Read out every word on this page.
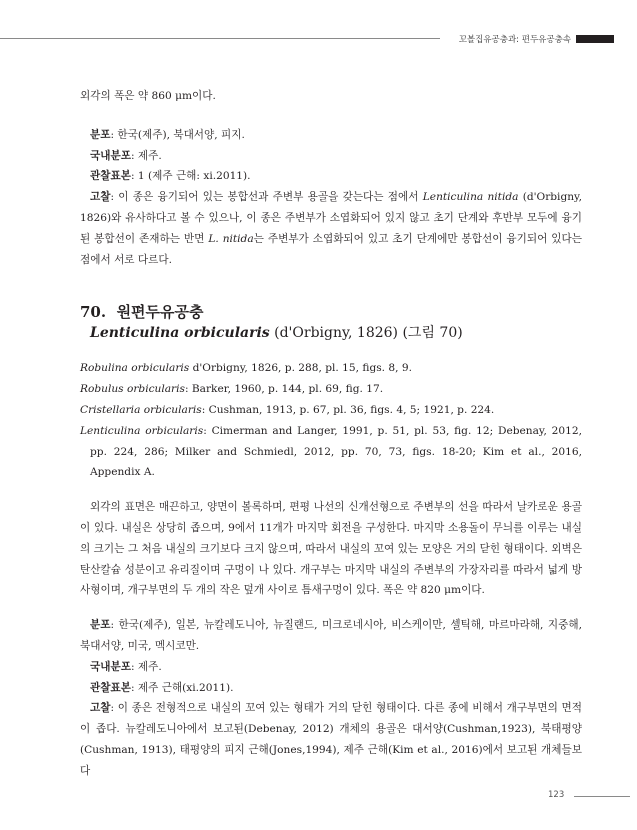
꼬볼집유공충과: 편두유공충속

외각의 폭은 약 860 μm이다.

분포: 한국(제주), 북대서양, 피지.

국내분포: 제주.

관찰표본: 1 (제주 근해: xi.2011).

고찰: 이 종은 융기되어 있는 봉합선과 주변부 용골을 갖는다는 점에서 Lenticulina nitida (d'Orbigny, 1826)와 유사하다고 볼 수 있으나, 이 종은 주변부가 소엽화되어 있지 않고 초기 단계와 후반부 모두에 융기된 봉합선이 존재하는 반면 L. nitida는 주변부가 소엽화되어 있고 초기 단계에만 봉합선이 융기되어 있다는 점에서 서로 다르다.

70. 원편두유공충

Lenticulina orbicularis (d'Orbigny, 1826) (그림 70)

Robulina orbicularis d'Orbigny, 1826, p. 288, pl. 15, figs. 8, 9.

Robulus orbicularis: Barker, 1960, p. 144, pl. 69, fig. 17.

Cristellaria orbicularis: Cushman, 1913, p. 67, pl. 36, figs. 4, 5; 1921, p. 224.

Lenticulina orbicularis: Cimerman and Langer, 1991, p. 51, pl. 53, fig. 12; Debenay, 2012, pp. 224, 286; Milker and Schmiedl, 2012, pp. 70, 73, figs. 18-20; Kim et al., 2016, Appendix A.

외각의 표면은 매끈하고, 양면이 볼록하며, 편평 나선의 신개선형으로 주변부의 선을 따라서 날카로운 용골이 있다. 내실은 상당히 좁으며, 9에서 11개가 마지막 회전을 구성한다. 마지막 소용돌이 무늬를 이루는 내실의 크기는 그 처음 내실의 크기보다 크지 않으며, 따라서 내실의 꼬여 있는 모양은 거의 닫힌 형태이다. 외벽은 탄산칼슘 성분이고 유리질이며 구멍이 나 있다. 개구부는 마지막 내실의 주변부의 가장자리를 따라서 넓게 방사형이며, 개구부면의 두 개의 작은 덮개 사이로 틈새구멍이 있다. 폭은 약 820 μm이다.

분포: 한국(제주), 일본, 뉴칼레도니아, 뉴질랜드, 미크로네시아, 비스케이만, 셀틱해, 마르마라해, 지중해, 북대서양, 미국, 멕시코만.

국내분포: 제주.

관찰표본: 제주 근해(xi.2011).

고찰: 이 종은 전형적으로 내실의 꼬여 있는 형태가 거의 닫힌 형태이다. 다른 종에 비해서 개구부면의 면적이 좁다. 뉴칼레도니아에서 보고된(Debenay, 2012) 개체의 용골은 대서양(Cushman,1923), 북태평양(Cushman, 1913), 태평양의 피지 근해(Jones,1994), 제주 근해(Kim et al., 2016)에서 보고된 개체들보다

123
